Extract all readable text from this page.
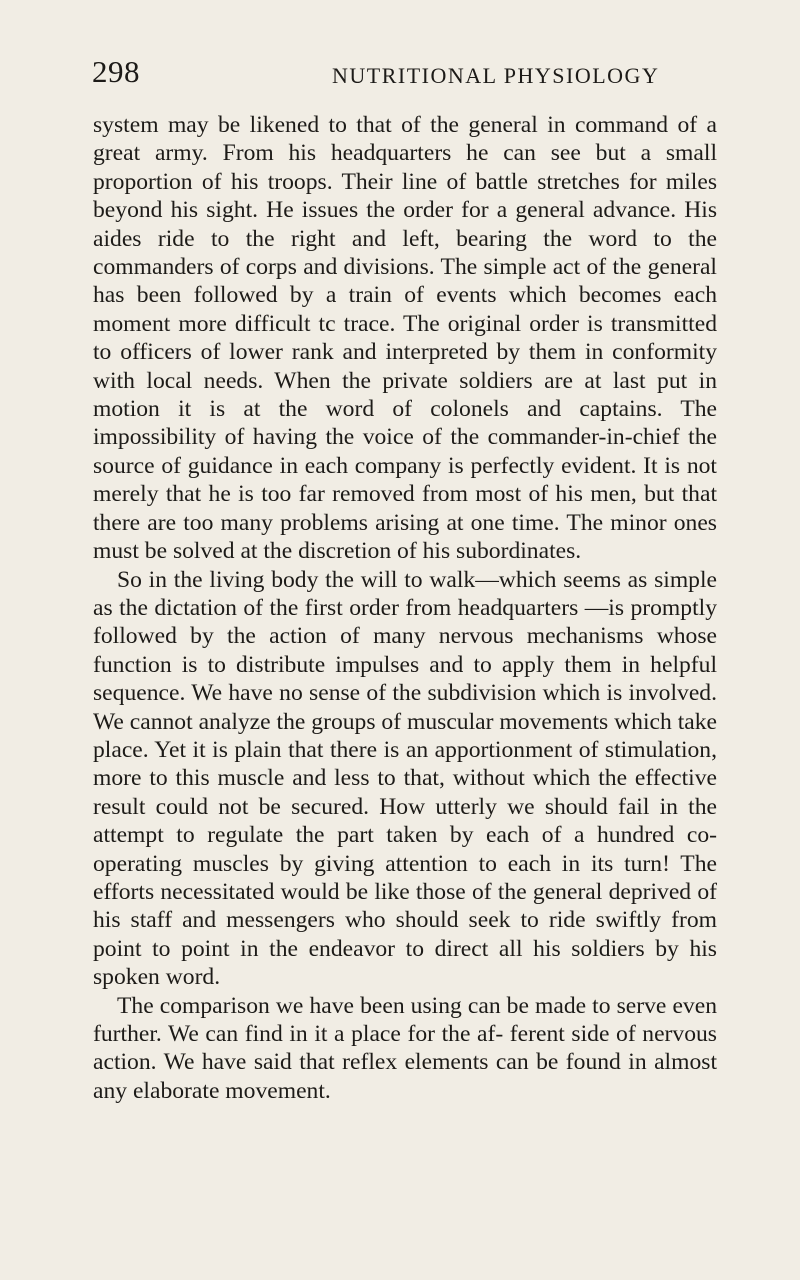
298	NUTRITIONAL PHYSIOLOGY

system may be likened to that of the general in command of a great army. From his headquarters he can see but a small proportion of his troops. Their line of battle stretches for miles beyond his sight. He issues the order for a general advance. His aides ride to the right and left, bearing the word to the commanders of corps and divisions. The simple act of the general has been followed by a train of events which becomes each moment more difficult tc trace. The original order is transmitted to officers of lower rank and interpreted by them in conformity with local needs. When the private soldiers are at last put in motion it is at the word of colonels and captains. The impossibility of having the voice of the commander-in-chief the source of guidance in each company is perfectly evident. It is not merely that he is too far removed from most of his men, but that there are too many problems arising at one time. The minor ones must be solved at the discretion of his subordinates.

So in the living body the will to walk—which seems as simple as the dictation of the first order from headquarters —is promptly followed by the action of many nervous mechanisms whose function is to distribute impulses and to apply them in helpful sequence. We have no sense of the subdivision which is involved. We cannot analyze the groups of muscular movements which take place. Yet it is plain that there is an apportionment of stimulation, more to this muscle and less to that, without which the effective result could not be secured. How utterly we should fail in the attempt to regulate the part taken by each of a hundred co-operating muscles by giving attention to each in its turn! The efforts necessitated would be like those of the general deprived of his staff and messengers who should seek to ride swiftly from point to point in the endeavor to direct all his soldiers by his spoken word.

The comparison we have been using can be made to serve even further. We can find in it a place for the af- ferent side of nervous action. We have said that reflex elements can be found in almost any elaborate movement.
